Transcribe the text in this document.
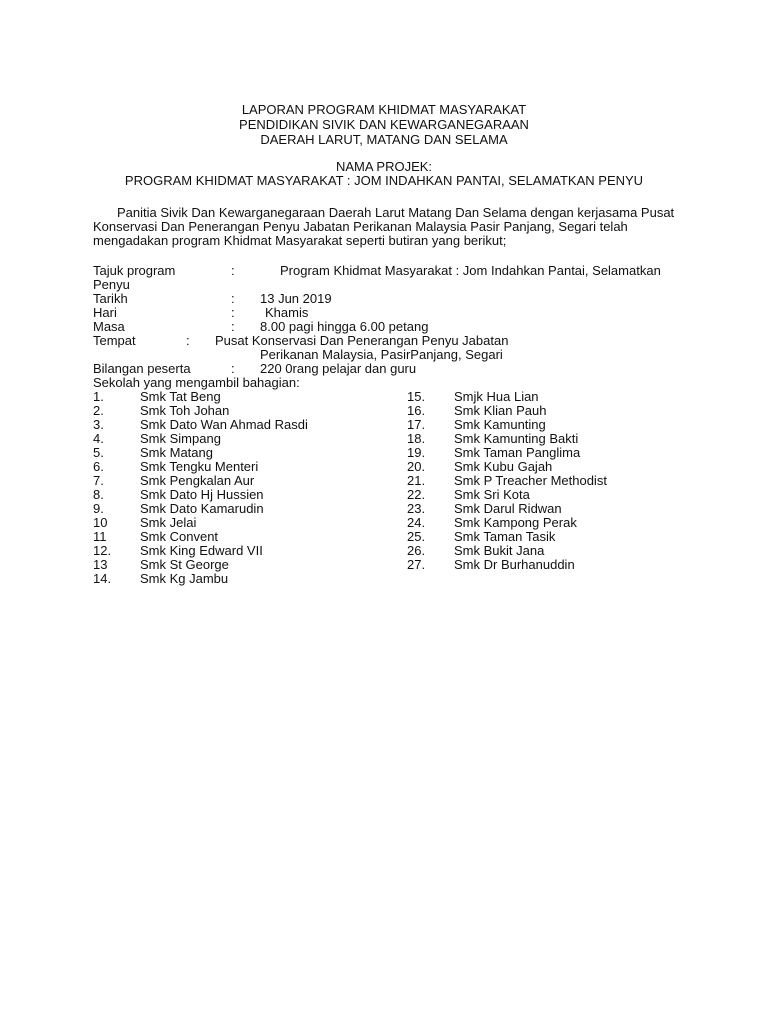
LAPORAN PROGRAM KHIDMAT MASYARAKAT
PENDIDIKAN SIVIK DAN KEWARGANEGARAAN
DAERAH LARUT, MATANG DAN SELAMA
NAMA PROJEK:
PROGRAM KHIDMAT MASYARAKAT : JOM INDAHKAN PANTAI, SELAMATKAN PENYU
Panitia Sivik Dan Kewarganegaraan Daerah Larut Matang Dan Selama dengan kerjasama Pusat
Konservasi Dan Penerangan Penyu Jabatan Perikanan Malaysia Pasir Panjang, Segari telah
mengadakan program Khidmat Masyarakat seperti butiran yang berikut;
Tajuk program	:	Program Khidmat Masyarakat : Jom Indahkan Pantai, Selamatkan
Penyu
Tarikh	: 13 Jun 2019
Hari	: Khamis
Masa	: 8.00 pagi hingga 6.00 petang
Tempat	: Pusat Konservasi Dan Penerangan Penyu Jabatan
Perikanan Malaysia, PasirPanjang, Segari
Bilangan peserta	: 220 0rang pelajar dan guru
Sekolah yang mengambil bahagian:
1.	Smk Tat Beng
2.	Smk Toh Johan
3.	Smk Dato Wan Ahmad Rasdi
4.	Smk Simpang
5.	Smk Matang
6.	Smk Tengku Menteri
7.	Smk Pengkalan Aur
8.	Smk Dato Hj Hussien
9.	Smk Dato Kamarudin
10	Smk Jelai
11	Smk Convent
12. Smk King Edward VII
13	Smk St George
14. Smk Kg Jambu
15. Smjk Hua Lian
16. Smk Klian Pauh
17. Smk Kamunting
18. Smk Kamunting Bakti
19. Smk Taman Panglima
20. Smk Kubu Gajah
21. Smk P Treacher Methodist
22. Smk Sri Kota
23. Smk Darul Ridwan
24. Smk Kampong Perak
25. Smk Taman Tasik
26. Smk Bukit Jana
27. Smk Dr Burhanuddin
